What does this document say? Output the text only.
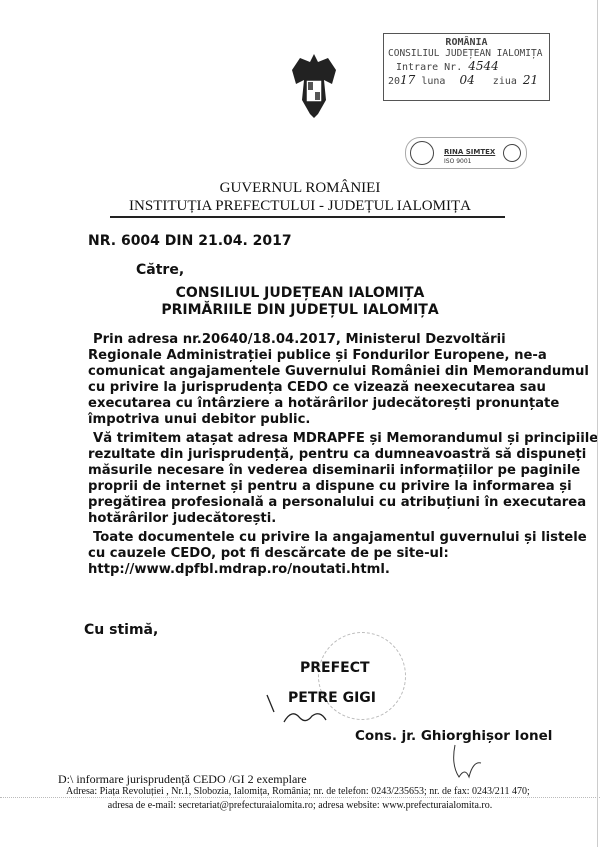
ROMÂNIA
CONSILIUL JUDEȚEAN IALOMIȚA
Intrare Nr. 4544
2017 luna 04 ziua 21
RINA SIMTEX
ISO 9001
GUVERNUL ROMÂNIEI
INSTITUȚIA PREFECTULUI - JUDEȚUL IALOMIȚA
NR. 6004 DIN 21.04. 2017
Către,
CONSILIUL JUDEȚEAN IALOMIȚA
PRIMĂRIILE DIN JUDEȚUL IALOMIȚA

Prin adresa nr.20640/18.04.2017, Ministerul Dezvoltării
Regionale Administrației publice și Fondurilor Europene, ne-a
comunicat angajamentele Guvernului României din Memorandumul
cu privire la jurisprudența CEDO ce vizează neexecutarea sau
executarea cu întârziere a hotărârilor judecătorești pronunțate
împotriva unui debitor public.

Vă trimitem atașat adresa MDRAPFE și Memorandumul și principiile
rezultate din jurisprudență, pentru ca dumneavoastră să dispuneți
măsurile necesare în vederea diseminarii informațiilor pe paginile
proprii de internet și pentru a dispune cu privire la informarea și
pregătirea profesională a personalului cu atribuțiuni în executarea
hotărârilor judecătorești.

Toate documentele cu privire la angajamentul guvernului și listele
cu cauzele CEDO, pot fi descărcate de pe site-ul:
http://www.dpfbl.mdrap.ro/noutati.html.

Cu stimă,
PREFECT
PETRE GIGI
Cons. jr. Ghiorghișor Ionel
D:\ informare jurisprudență CEDO /GI 2 exemplare
Adresa: Piața Revoluției , Nr.1, Slobozia, Ialomița, România; nr. de telefon: 0243/235653; nr. de fax: 0243/211 470;
adresa de e-mail: secretariat@prefecturaialomita.ro; adresa website: www.prefecturaialomita.ro.
